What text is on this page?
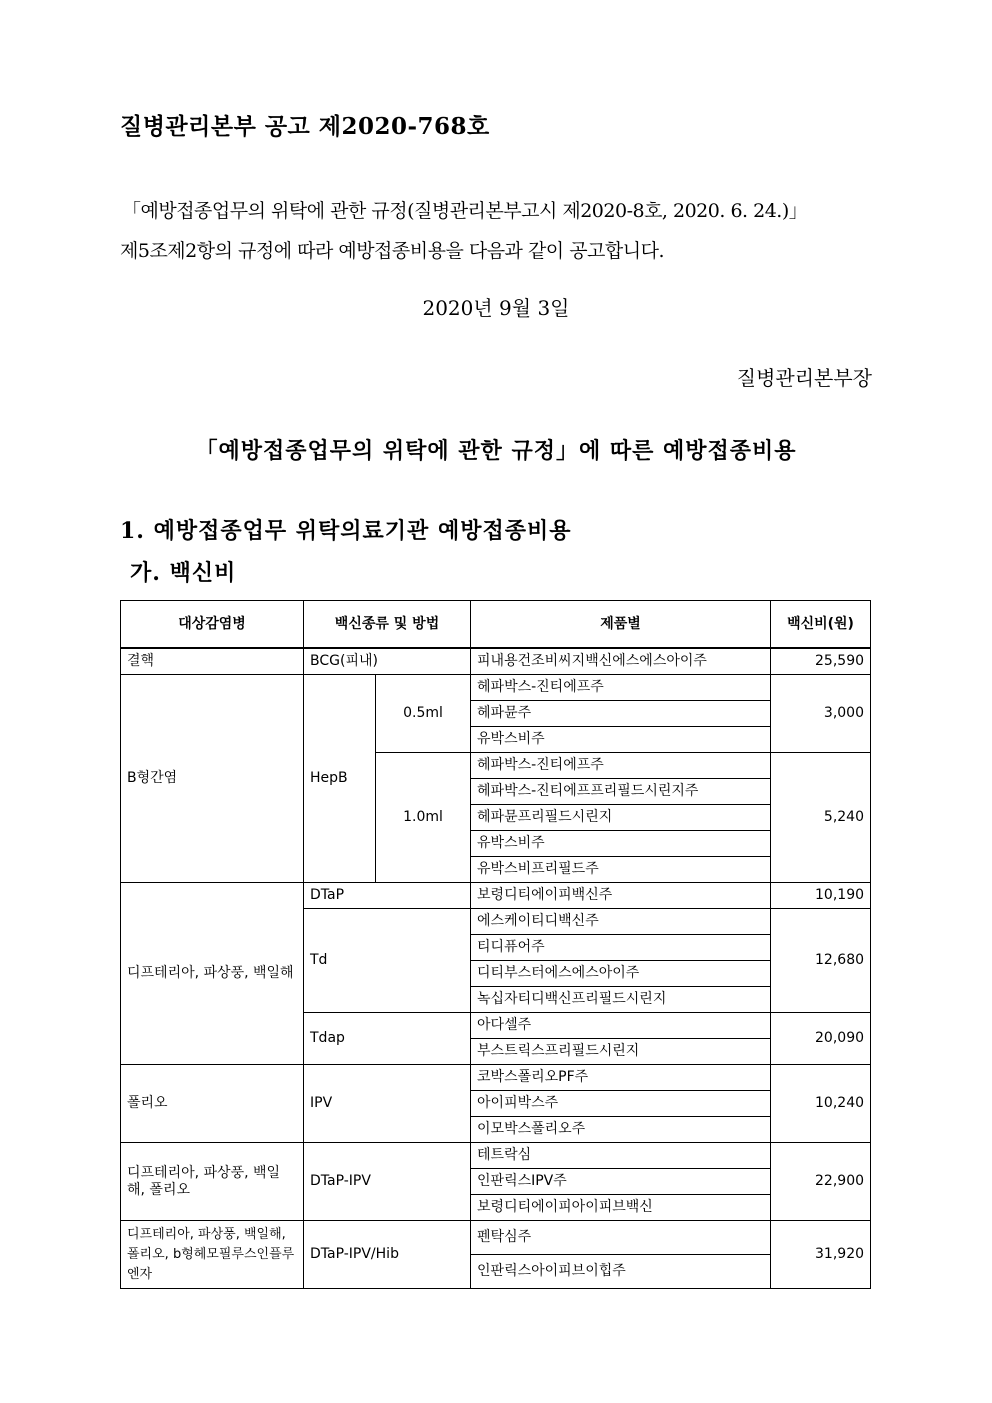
질병관리본부 공고 제2020-768호
「예방접종업무의 위탁에 관한 규정(질병관리본부고시 제2020-8호, 2020. 6. 24.)」
제5조제2항의 규정에 따라 예방접종비용을 다음과 같이 공고합니다.
2020년 9월 3일
질병관리본부장
「예방접종업무의 위탁에 관한 규정」에 따른 예방접종비용
1. 예방접종업무 위탁의료기관 예방접종비용
가. 백신비
대상감염병	백신종류 및 방법		제품별	백신비(원)
결핵	BCG(피내)		피내용건조비씨지백신에스에스아이주	25,590
B형간염	HepB	0.5ml	헤파박스-진티에프주	3,000
			헤파뮨주	
			유박스비주	
		1.0ml	헤파박스-진티에프주	5,240
			헤파박스-진티에프프리필드시린지주	
			헤파뮨프리필드시린지	
			유박스비주	
			유박스비프리필드주	
디프테리아, 파상풍, 백일해	DTaP		보령디티에이피백신주	10,190
	Td		에스케이티디백신주	12,680
			티디퓨어주	
			디티부스터에스에스아이주	
			녹십자티디백신프리필드시린지	
	Tdap		아다셀주	20,090
			부스트릭스프리필드시린지	
폴리오	IPV		코박스폴리오PF주	10,240
			아이피박스주	
			이모박스폴리오주	
디프테리아, 파상풍, 백일해, 폴리오	DTaP-IPV		테트락심	22,900
			인판릭스IPV주	
			보령디티에이피아이피브백신	
디프테리아, 파상풍, 백일해, 폴리오, b형헤모필루스인플루엔자	DTaP-IPV/Hib		펜탁심주	31,920
			인판릭스아이피브이힙주	
